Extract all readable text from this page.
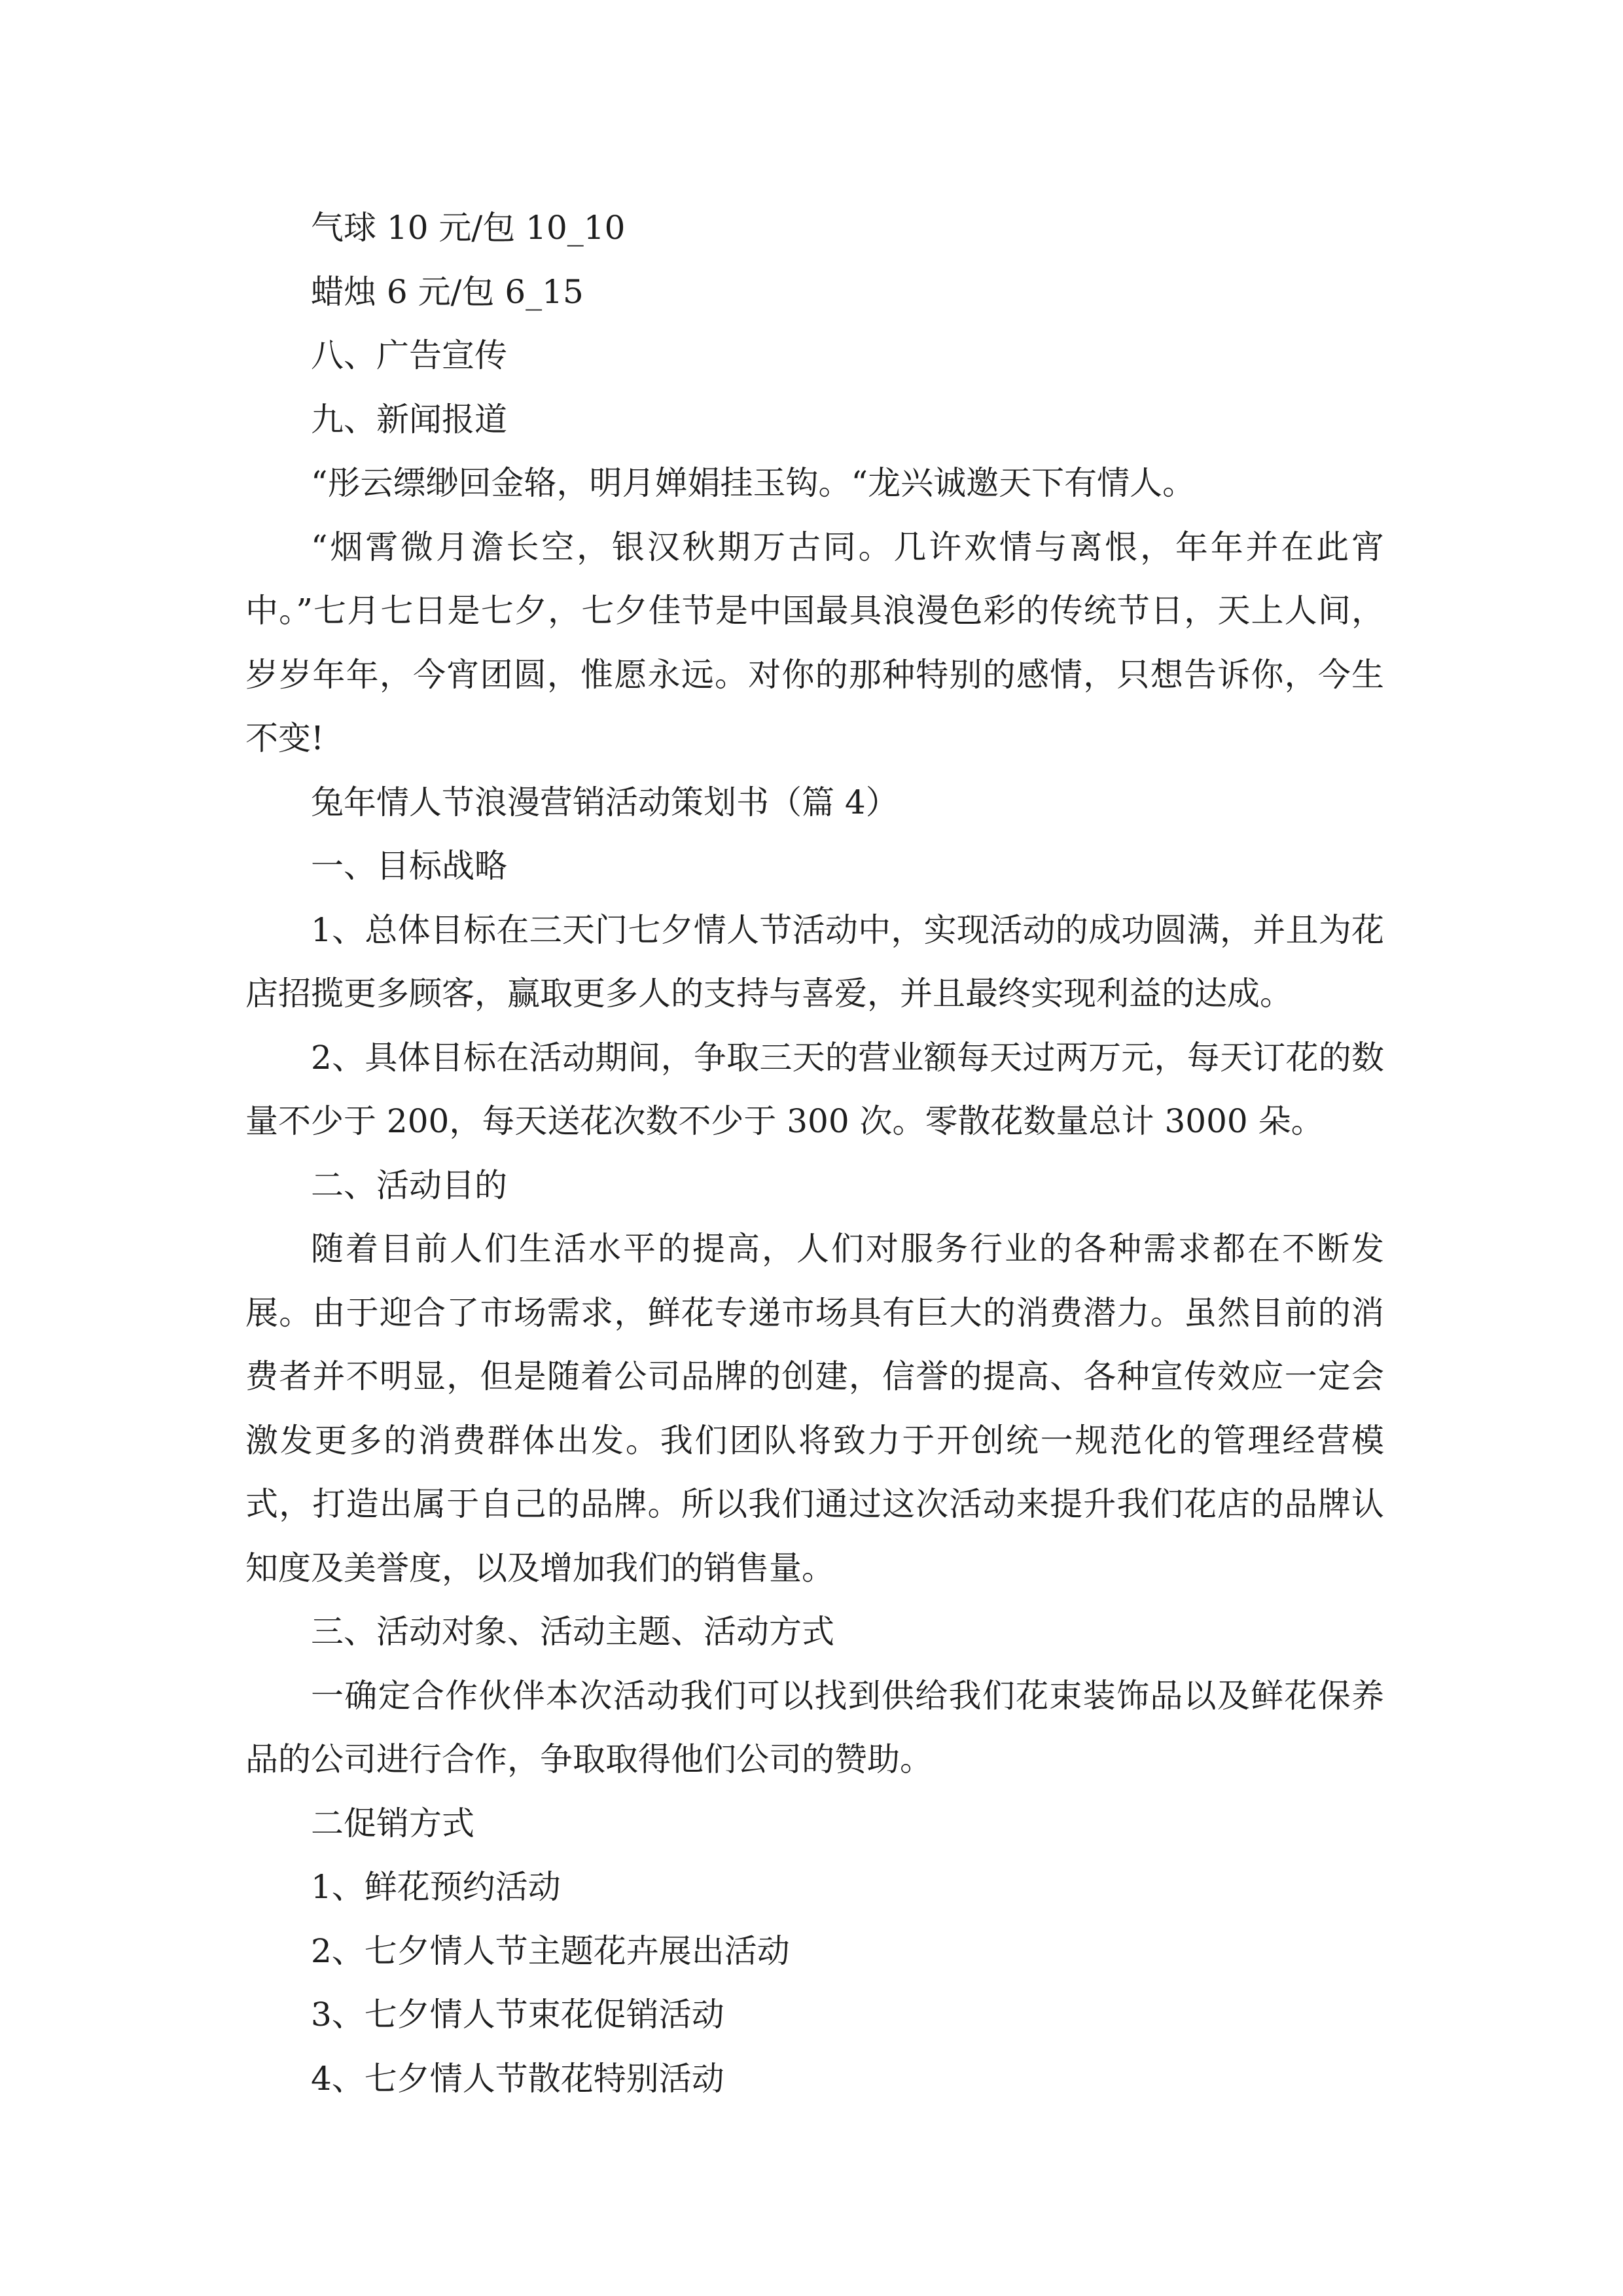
气球 10 元/包 10_10

蜡烛 6 元/包 6_15

八、广告宣传

九、新闻报道

“彤云缥缈回金辂，明月婵娟挂玉钩。“龙兴诚邀天下有情人。

“烟霄微月澹长空，银汉秋期万古同。几许欢情与离恨，年年并在此宵中。”七月七日是七夕，七夕佳节是中国最具浪漫色彩的传统节日，天上人间，岁岁年年，今宵团圆，惟愿永远。对你的那种特别的感情，只想告诉你，今生不变!

兔年情人节浪漫营销活动策划书（篇 4）

一、目标战略

1、总体目标在三天门七夕情人节活动中，实现活动的成功圆满，并且为花店招揽更多顾客，赢取更多人的支持与喜爱，并且最终实现利益的达成。

2、具体目标在活动期间，争取三天的营业额每天过两万元，每天订花的数量不少于 200，每天送花次数不少于 300 次。零散花数量总计 3000 朵。

二、活动目的

随着目前人们生活水平的提高，人们对服务行业的各种需求都在不断发展。由于迎合了市场需求，鲜花专递市场具有巨大的消费潜力。虽然目前的消费者并不明显，但是随着公司品牌的创建，信誉的提高、各种宣传效应一定会激发更多的消费群体出发。我们团队将致力于开创统一规范化的管理经营模式，打造出属于自己的品牌。所以我们通过这次活动来提升我们花店的品牌认知度及美誉度，以及增加我们的销售量。

三、活动对象、活动主题、活动方式

一确定合作伙伴本次活动我们可以找到供给我们花束装饰品以及鲜花保养品的公司进行合作，争取取得他们公司的赞助。

二促销方式

1、鲜花预约活动

2、七夕情人节主题花卉展出活动

3、七夕情人节束花促销活动

4、七夕情人节散花特别活动
